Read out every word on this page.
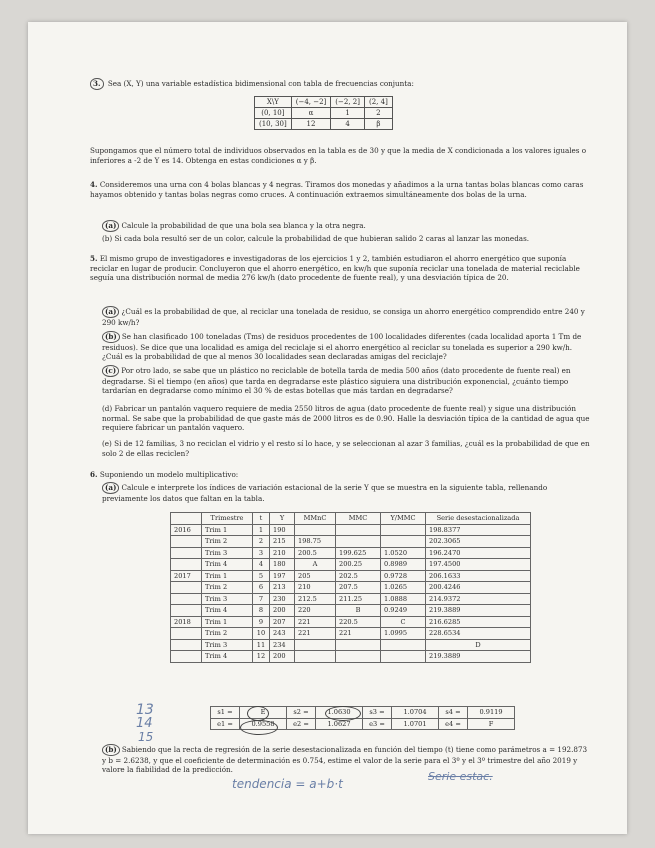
3. Sea (X, Y) una variable estadística bidimensional con tabla de frecuencias conjunta:
X\Y	(−4, −2]	(−2, 2]	(2, 4]
(0, 10]	α	1	2
(10, 30]	12	4	β
Supongamos que el número total de individuos observados en la tabla es de 30 y que la media de X condicionada a los valores iguales o inferiores a -2 de Y es 14. Obtenga en estas condiciones α y β.
4. Consideremos una urna con 4 bolas blancas y 4 negras. Tiramos dos monedas y añadimos a la urna tantas bolas blancas como caras hayamos obtenido y tantas bolas negras como cruces. A continuación extraemos simultáneamente dos bolas de la urna.
(a) Calcule la probabilidad de que una bola sea blanca y la otra negra.
(b) Si cada bola resultó ser de un color, calcule la probabilidad de que hubieran salido 2 caras al lanzar las monedas.
5. El mismo grupo de investigadores e investigadoras de los ejercicios 1 y 2, también estudiaron el ahorro energético que suponía reciclar en lugar de producir. Concluyeron que el ahorro energético, en kw/h que suponía reciclar una tonelada de material reciclable seguía una distribución normal de media 276 kw/h (dato procedente de fuente real), y una desviación típica de 20.
(a) ¿Cuál es la probabilidad de que, al reciclar una tonelada de residuo, se consiga un ahorro energético comprendido entre 240 y 290 kw/h?
(b) Se han clasificado 100 toneladas (Tms) de residuos procedentes de 100 localidades diferentes (cada localidad aporta 1 Tm de residuos). Se dice que una localidad es amiga del reciclaje si el ahorro energético al reciclar su tonelada es superior a 290 kw/h. ¿Cuál es la probabilidad de que al menos 30 localidades sean declaradas amigas del reciclaje?
(c) Por otro lado, se sabe que un plástico no reciclable de botella tarda de media 500 años (dato procedente de fuente real) en degradarse. Si el tiempo (en años) que tarda en degradarse este plástico siguiera una distribución exponencial, ¿cuánto tiempo tardarían en degradarse como mínimo el 30 % de estas botellas que más tardan en degradarse?
(d) Fabricar un pantalón vaquero requiere de media 2550 litros de agua (dato procedente de fuente real) y sigue una distribución normal. Se sabe que la probabilidad de que gaste más de 2000 litros es de 0.90. Halle la desviación típica de la cantidad de agua que requiere fabricar un pantalón vaquero.
(e) Si de 12 familias, 3 no reciclan el vidrio y el resto sí lo hace, y se seleccionan al azar 3 familias, ¿cuál es la probabilidad de que en solo 2 de ellas reciclen?
6. Suponiendo un modelo multiplicativo:
(a) Calcule e interprete los índices de variación estacional de la serie Y que se muestra en la siguiente tabla, rellenando previamente los datos que faltan en la tabla.
	Trimestre	t	Y	MMnC	MMC	Y/MMC	Serie desestacionalizada
2016	Trim 1	1	190				198.8377
	Trim 2	2	215	198.75			202.3065
	Trim 3	3	210	200.5	199.625	1.0520	196.2470
	Trim 4	4	180	A	200.25	0.8989	197.4500
2017	Trim 1	5	197	205	202.5	0.9728	206.1633
	Trim 2	6	213	210	207.5	1.0265	200.4246
	Trim 3	7	230	212.5	211.25	1.0888	214.9372
	Trim 4	8	200	220	B	0.9249	219.3889
2018	Trim 1	9	207	221	220.5	C	216.6285
	Trim 2	10	243	221	221	1.0995	228.6534
	Trim 3	11	234				D
	Trim 4	12	200				219.3889
s1 =	E	s2 =	1.0630	s3 =	1.0704	s4 =	0.9119
e1 =	0.9558	e2 =	1.0627	e3 =	1.0701	e4 =	F
13
14
15
(b) Sabiendo que la recta de regresión de la serie desestacionalizada en función del tiempo (t) tiene como parámetros a = 192.873 y b = 2.6238, y que el coeficiente de determinación es 0.754, estime el valor de la serie para el 3º y el 3º trimestre del año 2019 y valore la fiabilidad de la predicción.
tendencia = a+b·t
Serie estac.
